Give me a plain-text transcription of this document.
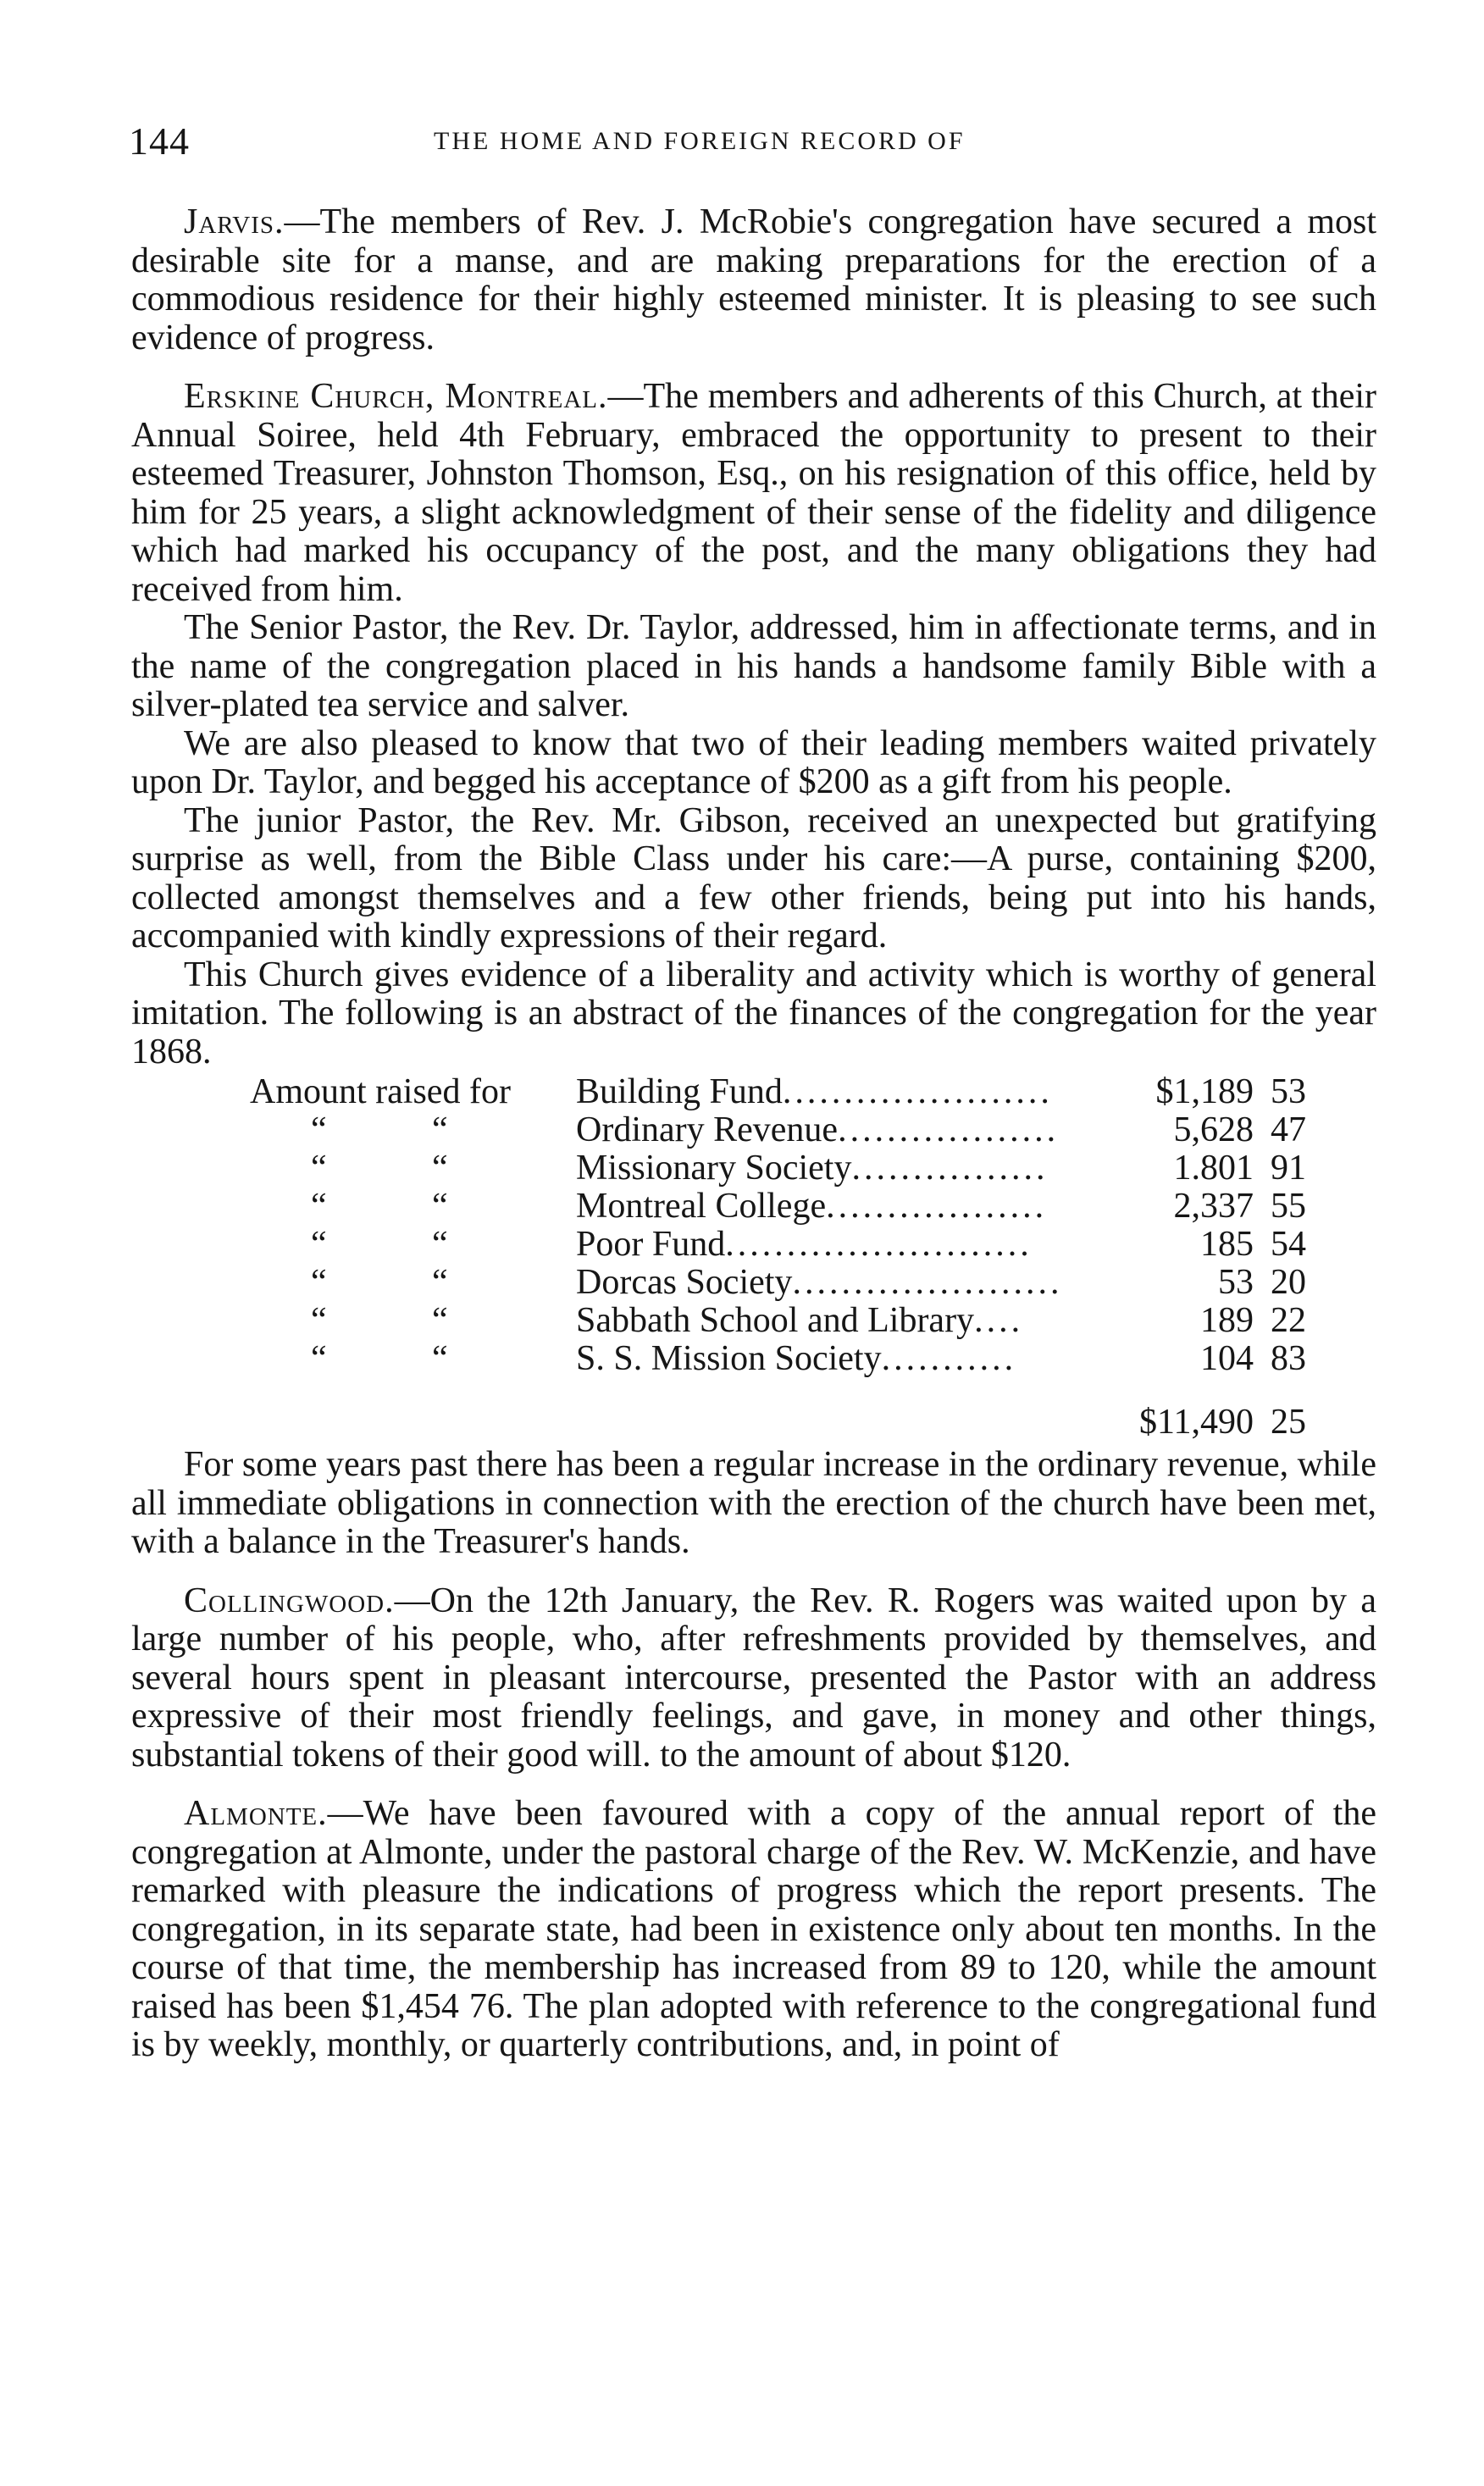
144	THE HOME AND FOREIGN RECORD OF

Jarvis.—The members of Rev. J. McRobie's congregation have secured a most desirable site for a manse, and are making preparations for the erection of a commodious residence for their highly esteemed minister. It is pleasing to see such evidence of progress.

Erskine Church, Montreal.—The members and adherents of this Church, at their Annual Soiree, held 4th February, embraced the opportunity to present to their esteemed Treasurer, Johnston Thomson, Esq., on his resignation of this office, held by him for 25 years, a slight acknowledgment of their sense of the fidelity and diligence which had marked his occupancy of the post, and the many obligations they had received from him.

The Senior Pastor, the Rev. Dr. Taylor, addressed, him in affectionate terms, and in the name of the congregation placed in his hands a handsome family Bible with a silver-plated tea service and salver.

We are also pleased to know that two of their leading members waited privately upon Dr. Taylor, and begged his acceptance of $200 as a gift from his people.

The junior Pastor, the Rev. Mr. Gibson, received an unexpected but gratifying surprise as well, from the Bible Class under his care:—A purse, containing $200, collected amongst themselves and a few other friends, being put into his hands, accompanied with kindly expressions of their regard.

This Church gives evidence of a liberality and activity which is worthy of general imitation. The following is an abstract of the finances of the congregation for the year 1868.

Amount raised for Building Fund......................	$1,189 53
“	“	Ordinary Revenue..................	5,628 47
“	“	Missionary Society................	1.801 91
“	“	Montreal College..................	2,337 55
“	“	Poor Fund.........................	185 54
“	“	Dorcas Society......................	53 20
“	“	Sabbath School and Library....	189 22
“	“	S. S. Mission Society...........	104 83
$11,490 25

For some years past there has been a regular increase in the ordinary revenue, while all immediate obligations in connection with the erection of the church have been met, with a balance in the Treasurer's hands.

Collingwood.—On the 12th January, the Rev. R. Rogers was waited upon by a large number of his people, who, after refreshments provided by themselves, and several hours spent in pleasant intercourse, presented the Pastor with an address expressive of their most friendly feelings, and gave, in money and other things, substantial tokens of their good will. to the amount of about $120.

Almonte.—We have been favoured with a copy of the annual report of the congregation at Almonte, under the pastoral charge of the Rev. W. McKenzie, and have remarked with pleasure the indications of progress which the report presents. The congregation, in its separate state, had been in existence only about ten months. In the course of that time, the membership has increased from 89 to 120, while the amount raised has been $1,454 76. The plan adopted with reference to the congregational fund is by weekly, monthly, or quarterly contributions, and, in point of
